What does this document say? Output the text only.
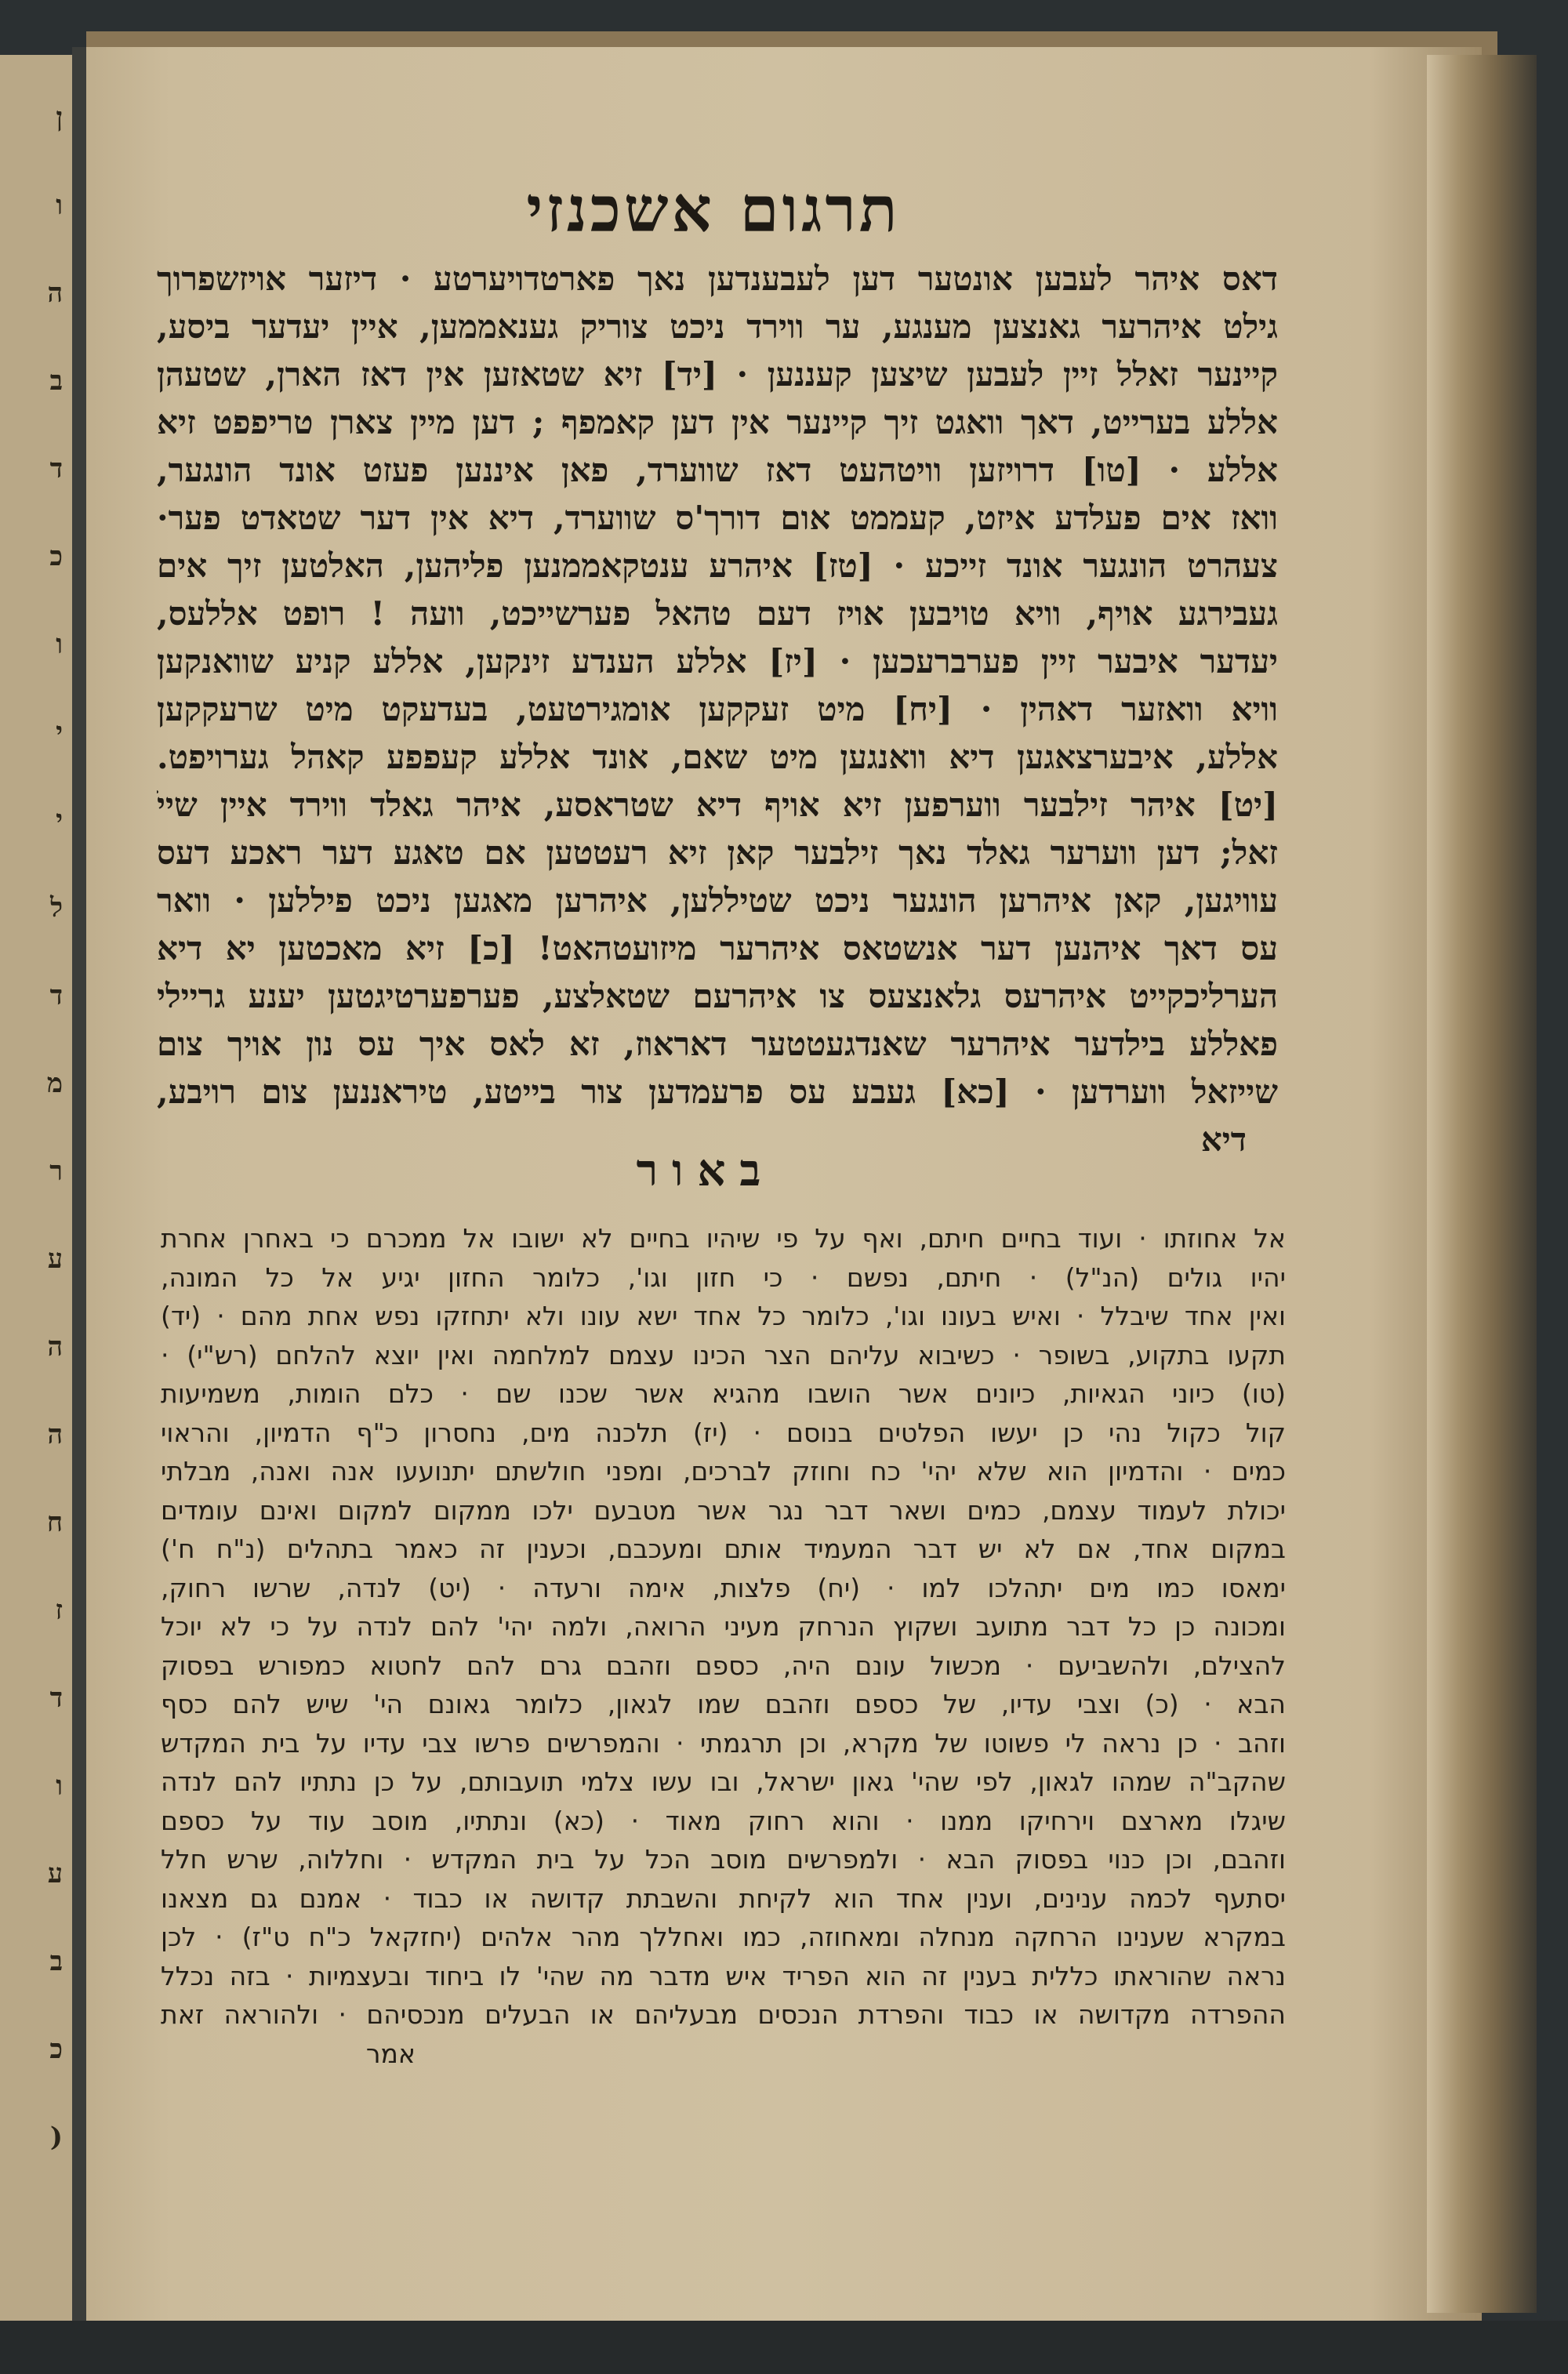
ן
ו
ה
ב
ד
כ
ו
י
י
ל
ד
מ
ר
ע
ה
ה
ח
ז
ד
ו
ע
ב
כ
(
תרגום אשכנזי
דאס איהר לעבען אונטער דען לעבענדען נאך פארטדויערטע · דיזער אויזשפרוך
גילט איהרער גאנצען מענגע, ער ווירד ניכט צוריק גענאממען, איין יעדער ביסע,
קיינער זאלל זיין לעבען שיצען קעננען · [יד] זיא שטאזען אין דאז הארן, שטעהן
אללע בערייט, דאך וואגט זיך קיינער אין דען קאמפף ; דען מיין צארן טריפפט זיא
אללע · [טו] דרויזען וויטהעט דאז שווערד, פאן איננען פעזט אונד הונגער,
וואז אים פעלדע איזט, קעממט אום דורך'ס שווערד, דיא אין דער שטאדט פער·
צעהרט הונגער אונד זייכע · [טז] איהרע ענטקאממנען פליהען, האלטען זיך אים
געבירגע אויף, וויא טויבען אויז דעם טהאל פערשייכט, וועה ! רופט אללעס,
יעדער איבער זיין פערברעכען · [יז] אללע הענדע זינקען, אללע קניע שוואנקען
וויא וואזער דאהין · [יח] מיט זעקקען אומגירטעט, בעדעקט מיט שרעקקען
אללע, איבערצאגען דיא וואנגען מיט שאם, אונד אללע קעפפע קאהל גערויפט.
[יט] איהר זילבער ווערפען זיא אויף דיא שטראסע, איהר גאלד ווירד איין שייׂ
זאל; דען ווערער גאלד נאך זילבער קאן זיא רעטטען אם טאגע דער ראכע דעס
עוויגען, קאן איהרען הונגער ניכט שטיללען, איהרען מאגען ניכט פיללען · וואר
עס דאך איהנען דער אנשטאס איהרער מיזועטהאט! [כ] זיא מאכטען יא דיא
הערליכקייט איהרעס גלאנצעס צו איהרעם שטאלצע, פערפערטיגטען יענע גריילי
פאללע בילדער איהרער שאנדגעטטער דאראוז, זא לאס איך עס נון אויך צום
שייזאל ווערדען · [כא] געבע עס פרעמדען צור בייטע, טיראננען צום רויבע,
דיא
באור
אל אחוזתו · ועוד בחיים חיתם, ואף על פי שיהיו בחיים לא ישובו אל ממכרם כי באחרן אחרת
יהיו גולים (הנ"ל) · חיתם, נפשם · כי חזון וגו', כלומר החזון יגיע אל כל המונה,
ואין אחד שיבלל · ואיש בעונו וגו', כלומר כל אחד ישא עונו ולא יתחזקו נפש אחת מהם · (יד)
תקעו בתקוע, בשופר · כשיבוא עליהם הצר הכינו עצמם למלחמה ואין יוצא להלחם (רש"י) ·
(טו) כיוני הגאיות, כיונים אשר הושבו מהגיא אשר שכנו שם · כלם הומות, משמיעות
קול כקול נהי כן יעשו הפלטים בנוסם · (יז) תלכנה מים, נחסרון כ"ף הדמיון, והראוי
כמים · והדמיון הוא שלא יהי' כח וחוזק לברכים, ומפני חולשתם יתנועעו אנה ואנה, מבלתי
יכולת לעמוד עצמם, כמים ושאר דבר נגר אשר מטבעם ילכו ממקום למקום ואינם עומדים
במקום אחד, אם לא יש דבר המעמיד אותם ומעכבם, וכענין זה כאמר בתהלים (נ"ח ח')
ימאסו כמו מים יתהלכו למו · (יח) פלצות, אימה ורעדה · (יט) לנדה, שרשו רחוק,
ומכונה כן כל דבר מתועב ושקוץ הנרחק מעיני הרואה, ולמה יהי' להם לנדה על כי לא יוכל
להצילם, ולהשביעם · מכשול עונם היה, כספם וזהבם גרם להם לחטוא כמפורש בפסוק
הבא · (כ) וצבי עדיו, של כספם וזהבם שמו לגאון, כלומר גאונם הי' שיש להם כסף
וזהב · כן נראה לי פשוטו של מקרא, וכן תרגמתי · והמפרשים פרשו צבי עדיו על בית המקדש
שהקב"ה שמהו לגאון, לפי שהי' גאון ישראל, ובו עשו צלמי תועבותם, על כן נתתיו להם לנדה
שיגלו מארצם וירחיקו ממנו · והוא רחוק מאוד · (כא) ונתתיו, מוסב עוד על כספם
וזהבם, וכן כנוי בפסוק הבא · ולמפרשים מוסב הכל על בית המקדש · וחללוה, שרש חלל
יסתעף לכמה ענינים, וענין אחד הוא לקיחת והשבתת קדושה או כבוד · אמנם גם מצאנו
במקרא שענינו הרחקה מנחלה ומאחוזה, כמו ואחללך מהר אלהים (יחזקאל כ"ח ט"ז) · לכן
נראה שהוראתו כללית בענין זה הוא הפריד איש מדבר מה שהי' לו ביחוד ובעצמיות · בזה נכלל
ההפרדה מקדושה או כבוד והפרדת הנכסים מבעליהם או הבעלים מנכסיהם · ולהוראה זאת
אמר
